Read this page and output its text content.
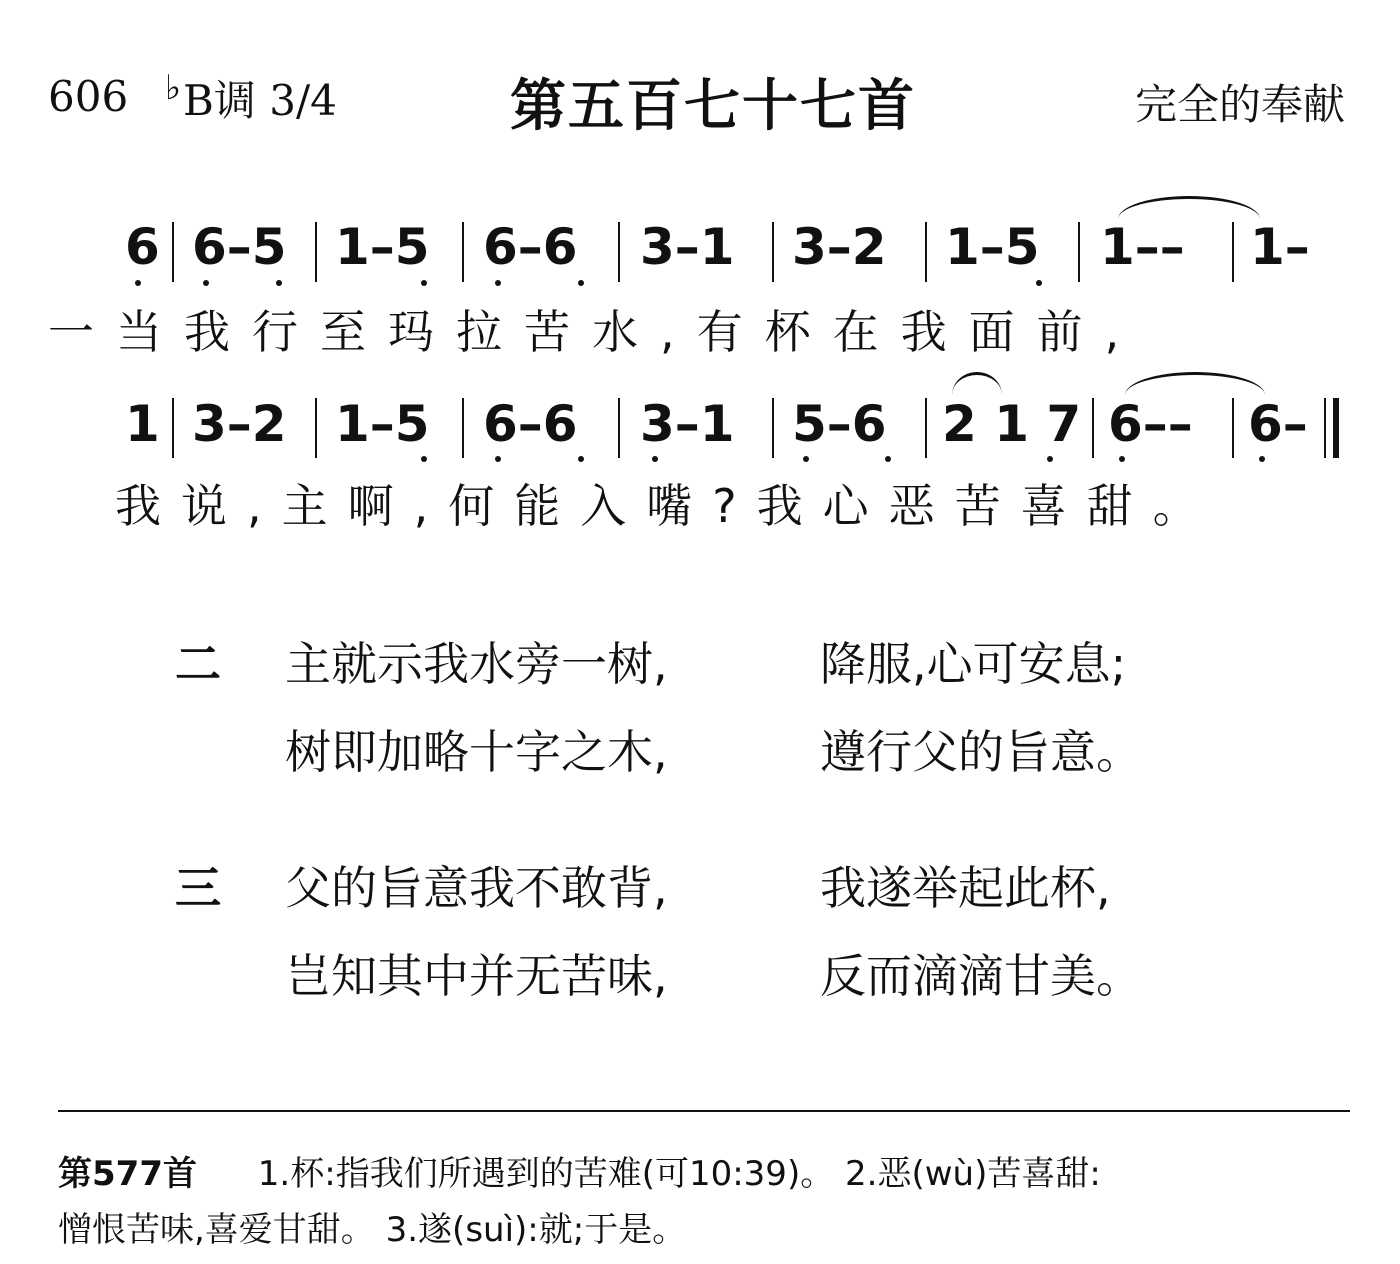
606 ♭B调 3/4	第五百七十七首	完全的奉献
6 6–5 1–5 6–6 3–1 3–2 1–5 1–– 1–
一当我行至玛拉苦水,有杯在我面前,
1 3–2 1–5 6–6 3–1 5–6 2 1 7 6–– 6–
我说,主啊,何能入嘴?我心恶苦喜甜。
二 主就示我水旁一树,	降服,心可安息;
树即加略十字之木,	遵行父的旨意。
三 父的旨意我不敢背,	我遂举起此杯,
岂知其中并无苦味,	反而滴滴甘美。
第577首 1.杯:指我们所遇到的苦难(可10:39)。 2.恶(wù)苦喜甜:
憎恨苦味,喜爱甘甜。 3.遂(suì):就;于是。
